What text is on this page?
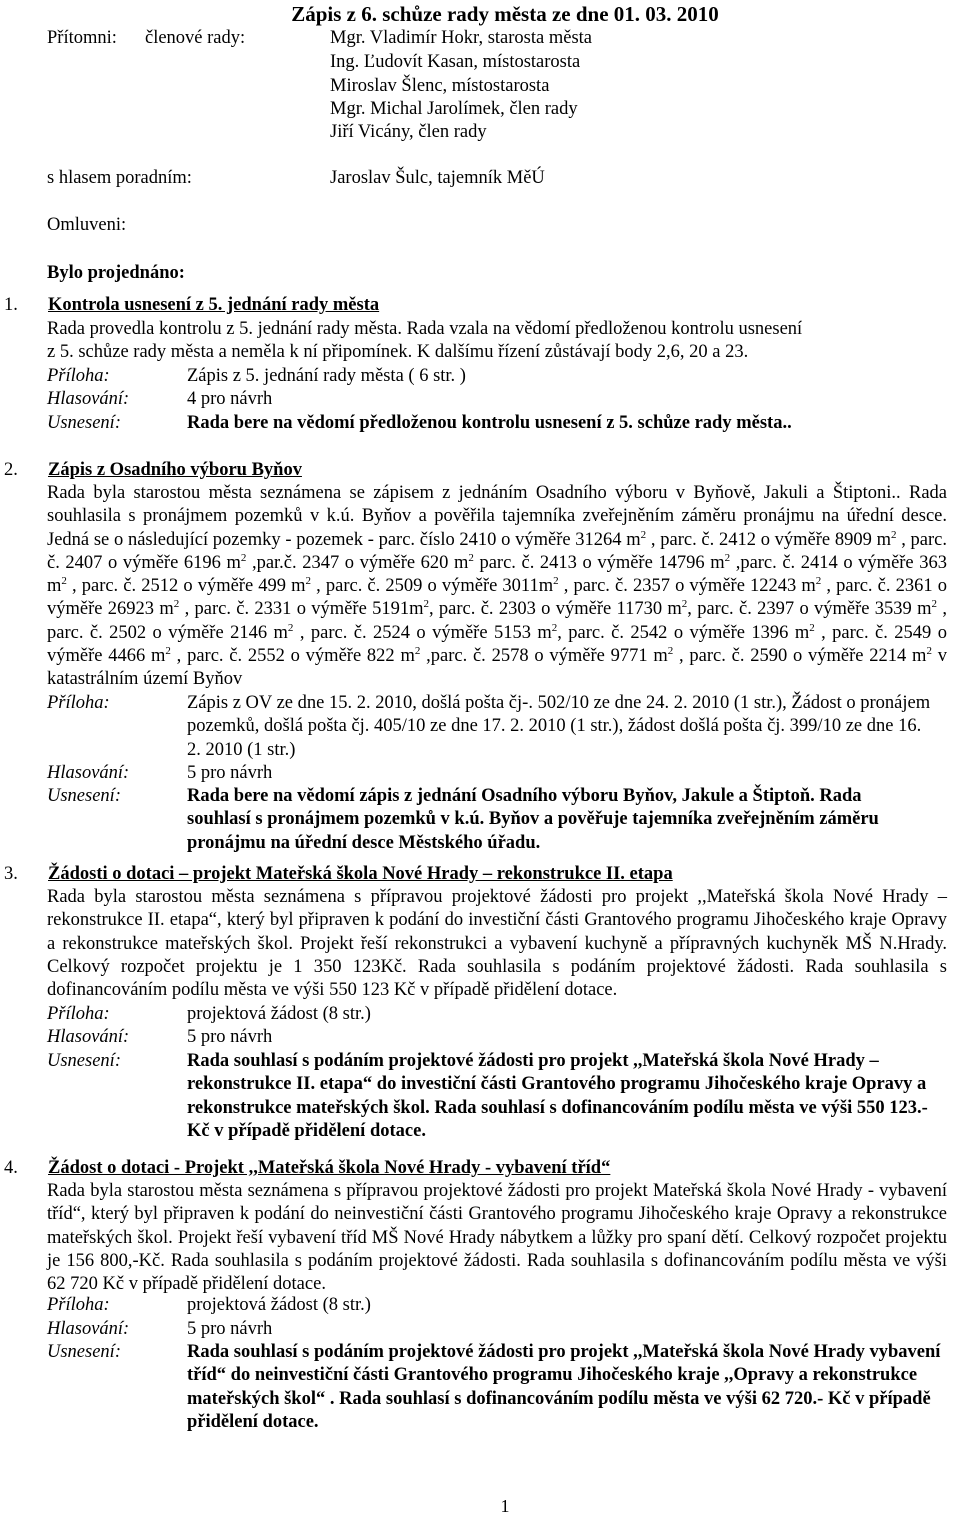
Zápis z 6. schůze rady města ze dne 01. 03. 2010
Přítomni: členové rady:	Mgr. Vladimír Hokr, starosta města
Ing. Ľudovít Kasan, místostarosta
Miroslav Šlenc, místostarosta
Mgr. Michal Jarolímek, člen rady
Jiří Vicány, člen rady
s hlasem poradním:	Jaroslav Šulc, tajemník MěÚ
Omluveni:
Bylo projednáno:
1. Kontrola usnesení z 5. jednání rady města
Rada provedla kontrolu z 5. jednání rady města. Rada vzala na vědomí předloženou kontrolu usnesení
z 5. schůze rady města a neměla k ní připomínek. K dalšímu řízení zůstávají body 2,6, 20 a 23.
Příloha:	Zápis z 5. jednání rady města ( 6 str. )
Hlasování:	4 pro návrh
Usnesení:	Rada bere na vědomí předloženou kontrolu usnesení z 5. schůze rady města..
2. Zápis z Osadního výboru Byňov
Rada byla starostou města seznámena se zápisem z jednáním Osadního výboru v Byňově, Jakuli a Štiptoni.. Rada souhlasila s pronájmem pozemků v k.ú. Byňov a pověřila tajemníka zveřejněním záměru pronájmu na úřední desce. Jedná se o následující pozemky - pozemek - parc. číslo 2410 o výměře 31264 $m^2$ , parc. č. 2412 o výměře 8909 $m^2$ , parc. č. 2407 o výměře 6196 $m^2$ ,par.č. 2347 o výměře 620 $m^2$ parc. č. 2413 o výměře 14796 $m^2$ ,parc. č. 2414 o výměře 363 $m^2$ , parc. č. 2512 o výměře 499 $m^2$ , parc. č. 2509 o výměře $3011m^2$ , parc. č. 2357 o výměře 12243 $m^2$ , parc. č. 2361 o výměře 26923 $m^2$ , parc. č. 2331 o výměře $5191m^2$, parc. č. 2303 o výměře 11730 $m^2$, parc. č. 2397 o výměře 3539 $m^2$ , parc. č. 2502 o výměře 2146 $m^2$ , parc. č. 2524 o výměře 5153 $m^2$, parc. č. 2542 o výměře 1396 $m^2$ , parc. č. 2549 o výměře 4466 $m^2$ , parc. č. 2552 o výměře 822 $m^2$ ,parc. č. 2578 o výměře 9771 $m^2$ , parc. č. 2590 o výměře 2214 $m^2$ v katastrálním území Byňov
Příloha:	Zápis z OV ze dne 15. 2. 2010, došlá pošta čj-. 502/10 ze dne 24. 2. 2010 (1 str.), Žádost o pronájem pozemků, došlá pošta čj. 405/10 ze dne 17. 2. 2010 (1 str.), žádost došlá pošta čj. 399/10 ze dne 16. 2. 2010 (1 str.)
Hlasování:	5 pro návrh
Usnesení:	Rada bere na vědomí zápis z jednání Osadního výboru Byňov, Jakule a Štiptoň. Rada souhlasí s pronájmem pozemků v k.ú. Byňov a pověřuje tajemníka zveřejněním záměru pronájmu na úřední desce Městského úřadu.
3. Žádosti o dotaci – projekt Mateřská škola Nové Hrady – rekonstrukce II. etapa
Rada byla starostou města seznámena s přípravou projektové žádosti pro projekt ,,Mateřská škola Nové Hrady – rekonstrukce II. etapa“, který byl připraven k podání do investiční části Grantového programu Jihočeského kraje Opravy a rekonstrukce mateřských škol. Projekt řeší rekonstrukci a vybavení kuchyně a přípravných kuchyněk MŠ N.Hrady. Celkový rozpočet projektu je 1 350 123Kč. Rada souhlasila s podáním projektové žádosti. Rada souhlasila s dofinancováním podílu města ve výši 550 123 Kč v případě přidělení dotace.
Příloha:	projektová žádost (8 str.)
Hlasování:	5 pro návrh
Usnesení:	Rada souhlasí s podáním projektové žádosti pro projekt ,,Mateřská škola Nové Hrady – rekonstrukce II. etapa“ do investiční části Grantového programu Jihočeského kraje Opravy a rekonstrukce mateřských škol. Rada souhlasí s dofinancováním podílu města ve výši 550 123.- Kč v případě přidělení dotace.
4. Žádost o dotaci - Projekt ,,Mateřská škola Nové Hrady - vybavení tříd“
Rada byla starostou města seznámena s přípravou projektové žádosti pro projekt Mateřská škola Nové Hrady - vybavení tříd“, který byl připraven k podání do neinvestiční části Grantového programu Jihočeského kraje Opravy a rekonstrukce mateřských škol. Projekt řeší vybavení tříd MŠ Nové Hrady nábytkem a lůžky pro spaní dětí. Celkový rozpočet projektu je 156 800,-Kč. Rada souhlasila s podáním projektové žádosti. Rada souhlasila s dofinancováním podílu města ve výši 62 720 Kč v případě přidělení dotace.
Příloha:	projektová žádost (8 str.)
Hlasování:	5 pro návrh
Usnesení:	Rada souhlasí s podáním projektové žádosti pro projekt ,,Mateřská škola Nové Hrady vybavení tříd“ do neinvestiční části Grantového programu Jihočeského kraje ,,Opravy a rekonstrukce mateřských škol“ . Rada souhlasí s dofinancováním podílu města ve výši 62 720.- Kč v případě přidělení dotace.
1
